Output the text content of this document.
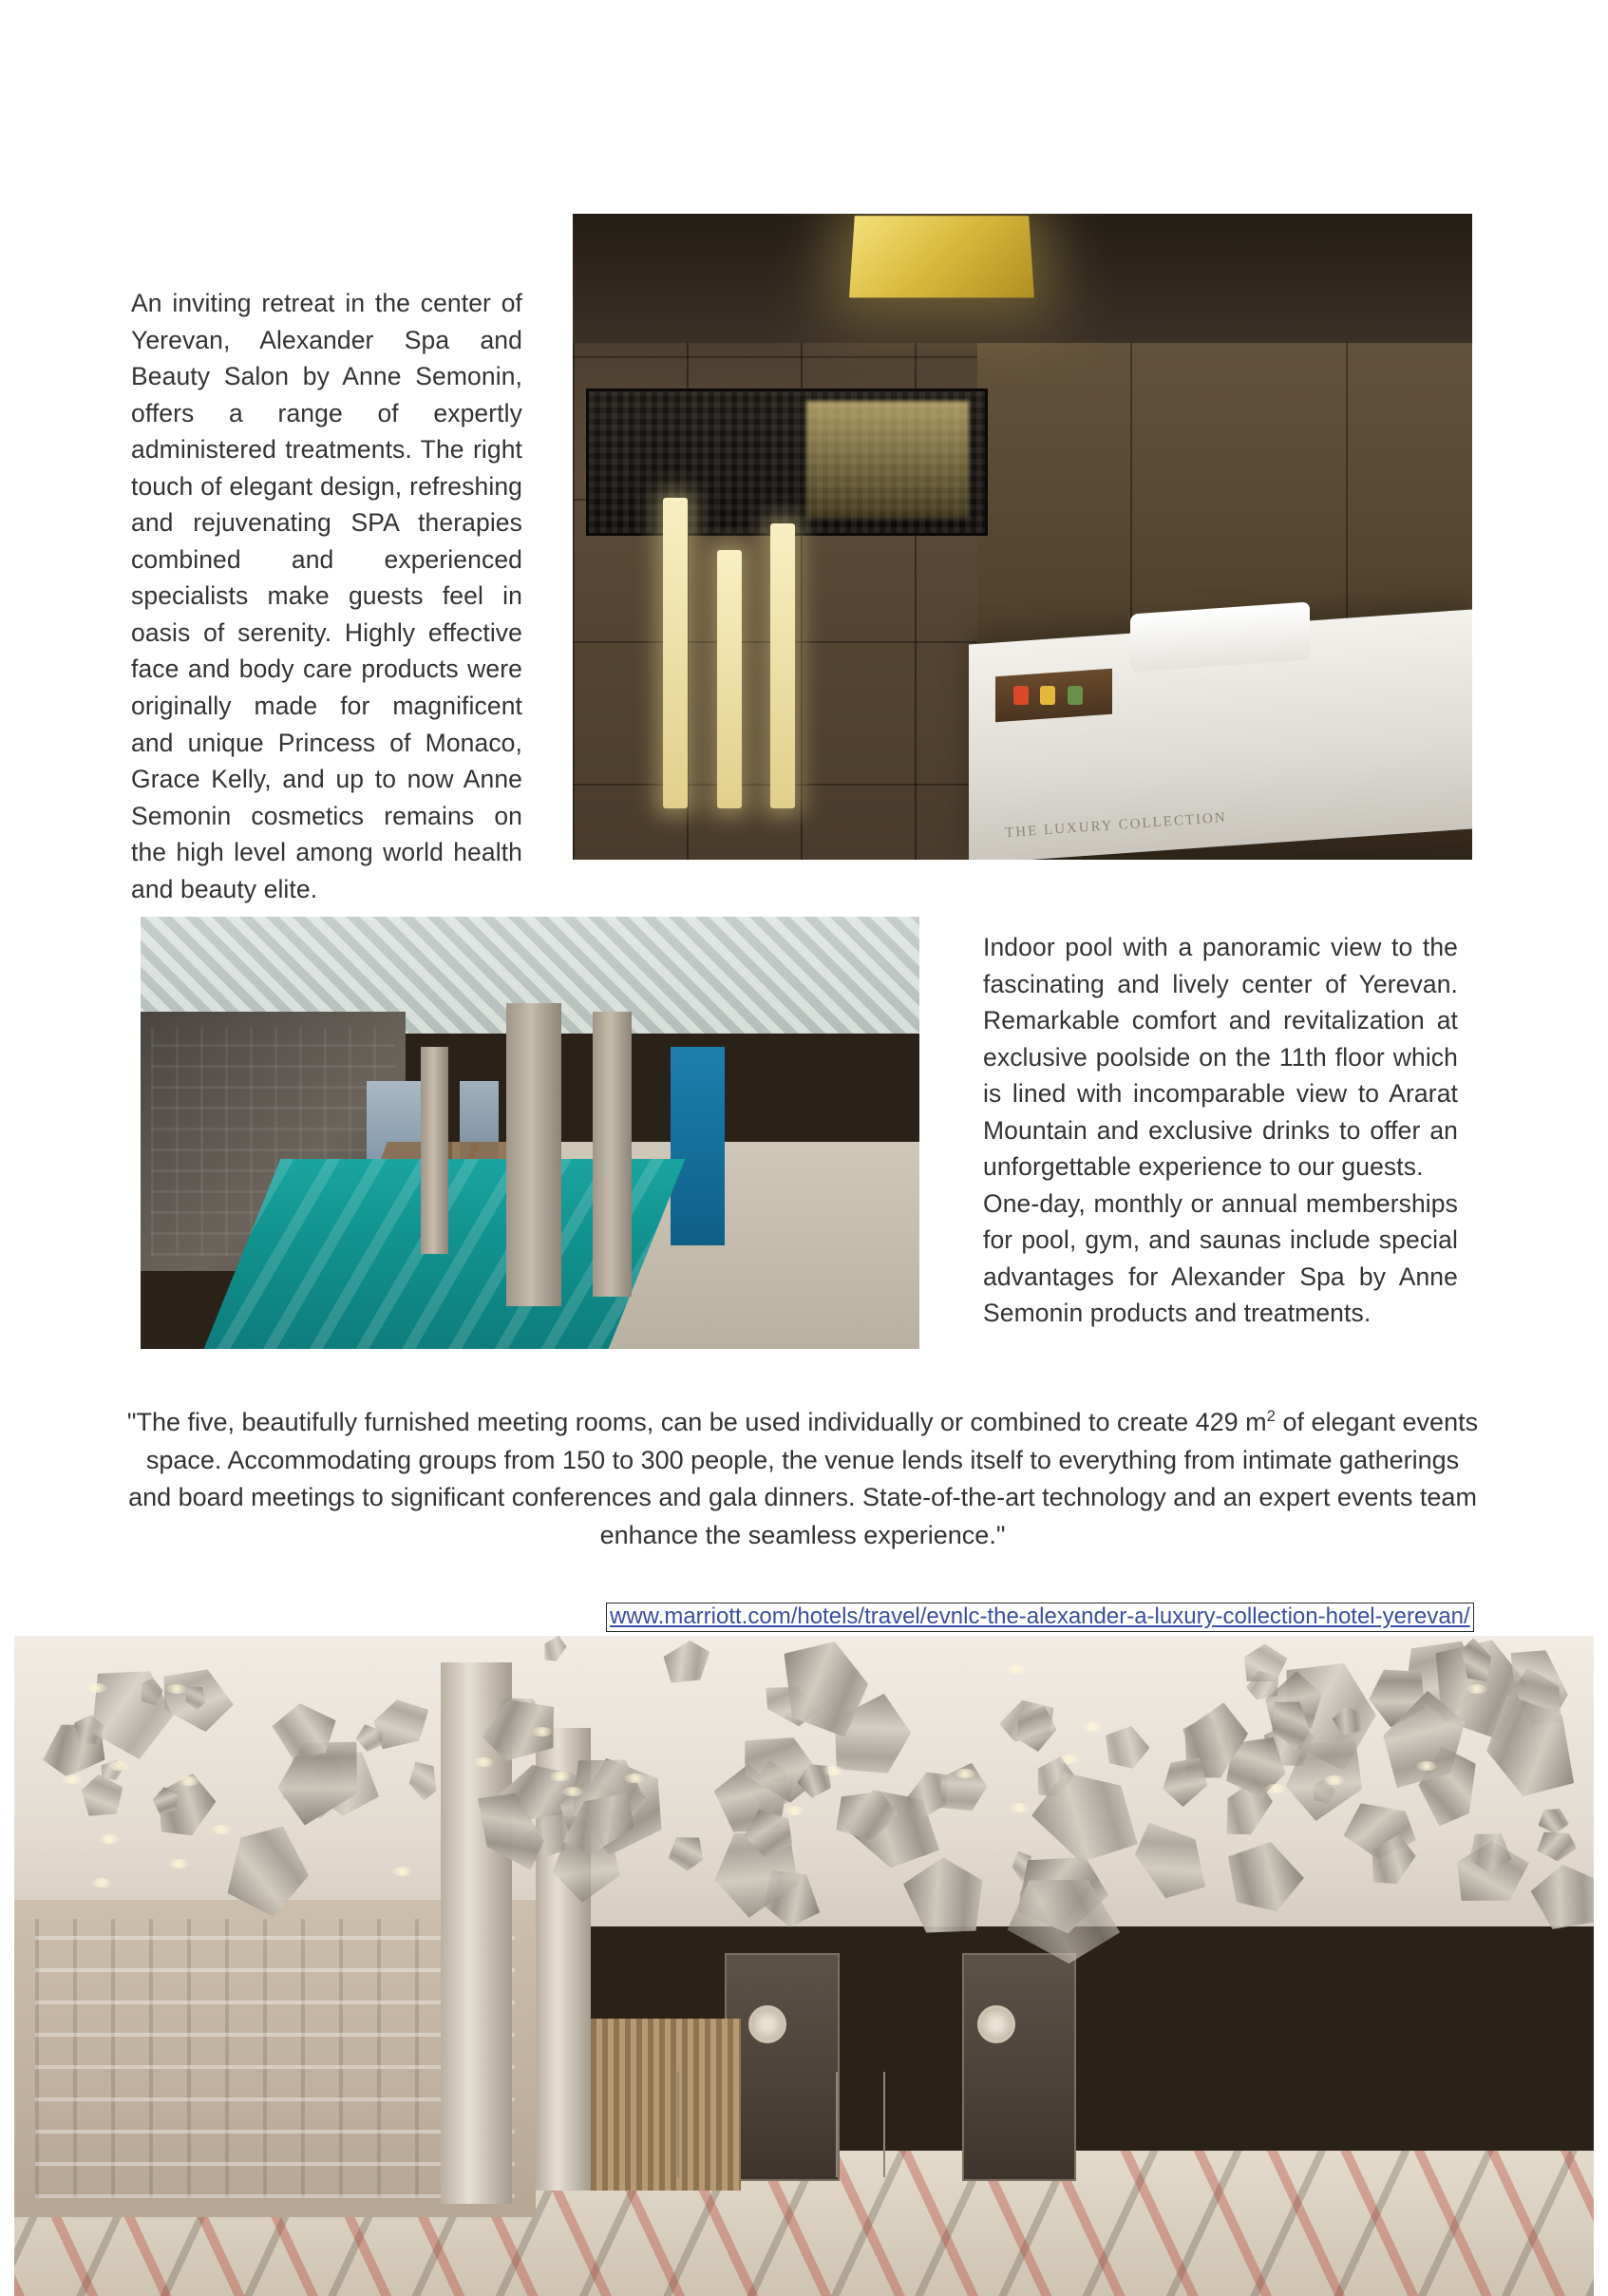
THE LUXURY COLLECTION
An inviting retreat in the center of Yerevan, Alexander Spa and Beauty Salon by Anne Semonin, offers a range of expertly administered treatments. The right touch of elegant design, refreshing and rejuvenating SPA therapies combined and experienced specialists make guests feel in oasis of serenity. Highly effective face and body care products were originally made for magnificent and unique Princess of Monaco, Grace Kelly, and up to now Anne Semonin cosmetics remains on the high level among world health and beauty elite.

Indoor pool with a panoramic view to the fascinating and lively center of Yerevan. Remarkable comfort and revitalization at exclusive poolside on the 11th floor which is lined with incomparable view to Ararat Mountain and exclusive drinks to offer an unforgettable experience to our guests.

One-day, monthly or annual memberships for pool, gym, and saunas include special advantages for Alexander Spa by Anne Semonin products and treatments.

"The five, beautifully furnished meeting rooms, can be used individually or combined to create 429 $m^2$ of elegant events space. Accommodating groups from 150 to 300 people, the venue lends itself to everything from intimate gatherings and board meetings to significant conferences and gala dinners. State-of-the-art technology and an expert events team enhance the seamless experience."
www.marriott.com/hotels/travel/evnlc-the-alexander-a-luxury-collection-hotel-yerevan/
